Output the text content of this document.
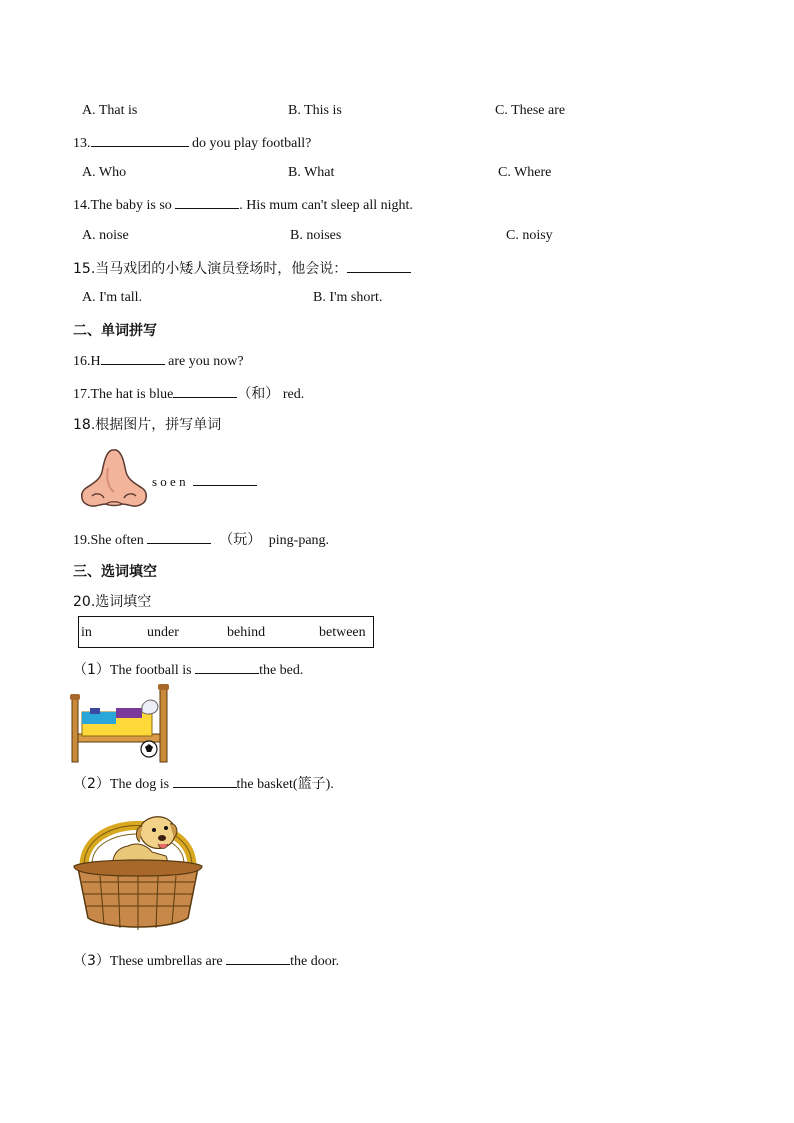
A. That is	B. This is	C. These are
13.	do you play football?
A. Who	B. What	C. Where
14.The baby is so	. His mum can't sleep all night.
A. noise	B. noises	C. noisy
15.当马戏团的小矮人演员登场时，他会说：
A. I'm tall.	B. I'm short.
二、单词拼写
16.H	are you now?
17.The hat is blue	（和） red.
18.根据图片，拼写单词
s o e n
19.She often	（玩） ping-pang.
三、选词填空
20.选词填空
in	under	behind	between
（1）The football is	the bed.
（2）The dog is	the basket(篮子).
（3）These umbrellas are	the door.
